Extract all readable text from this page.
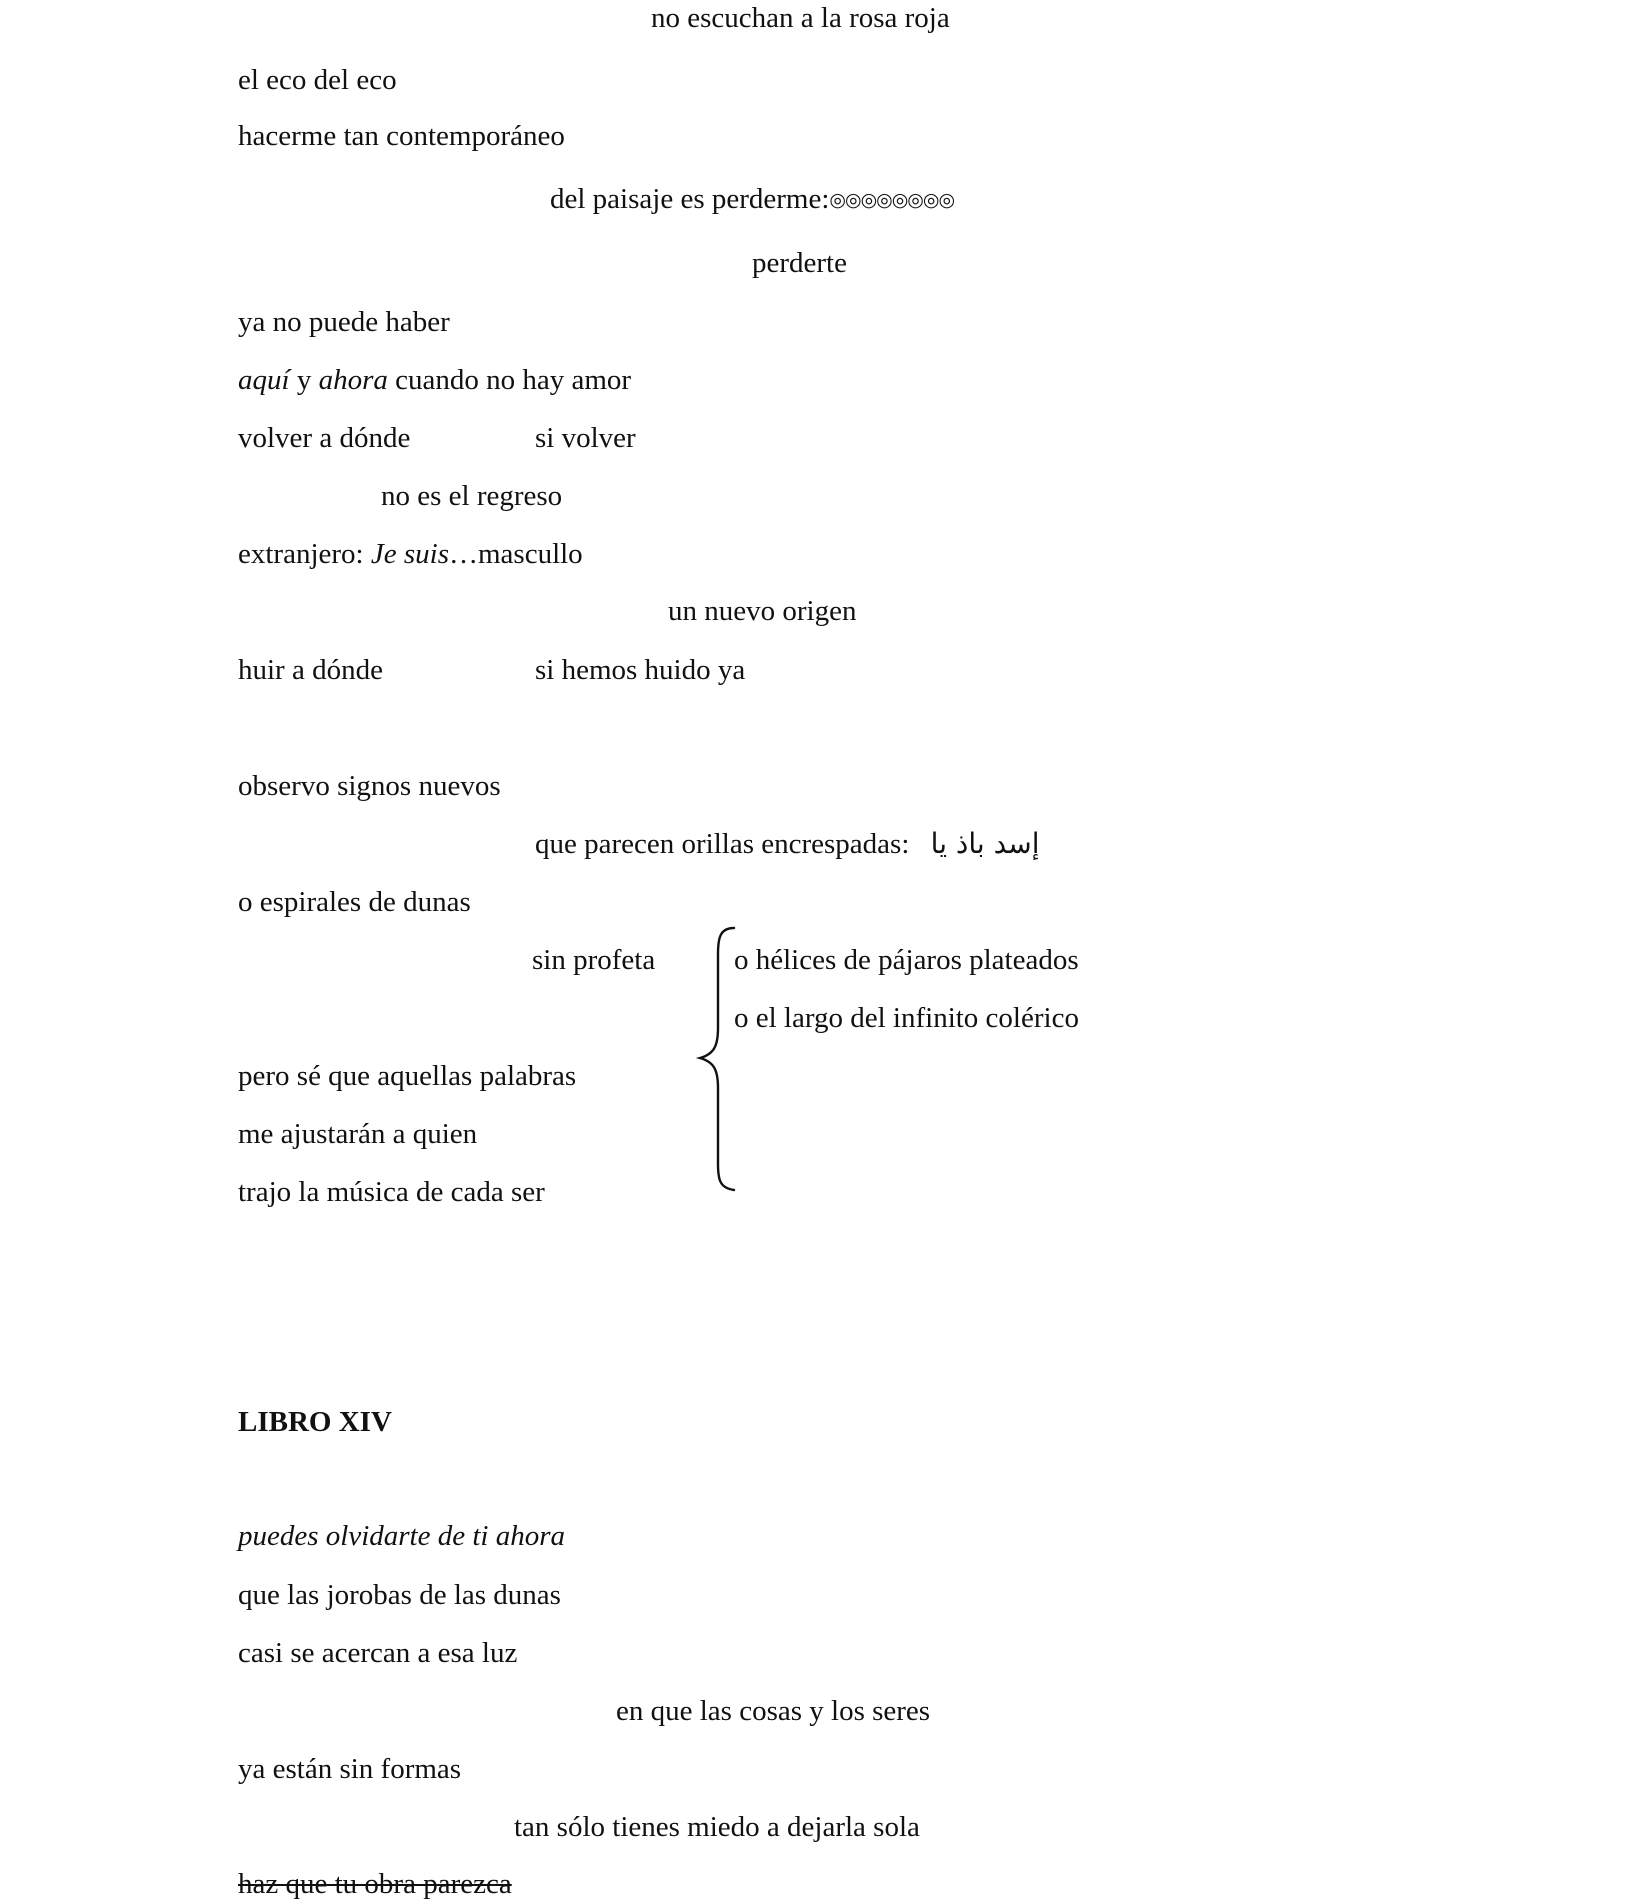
no escuchan a la rosa roja
el eco del eco
hacerme tan contemporáneo
del paisaje es perderme:◎◎◎◎◎◎◎◎
perderte
ya no puede haber
aquí y ahora cuando no hay amor
volver a dónde	si volver
no es el regreso
extranjero: Je suis…mascullo
un nuevo origen
huir a dónde	si hemos huido ya
observo signos nuevos
que parecen orillas encrespadas: إسد باذ يا
o espirales de dunas
sin profeta	o hélices de pájaros plateados
o el largo del infinito colérico
pero sé que aquellas palabras
me ajustarán a quien
trajo la música de cada ser
LIBRO XIV
puedes olvidarte de ti ahora
que las jorobas de las dunas
casi se acercan a esa luz
en que las cosas y los seres
ya están sin formas
tan sólo tienes miedo a dejarla sola
haz que tu obra parezca
